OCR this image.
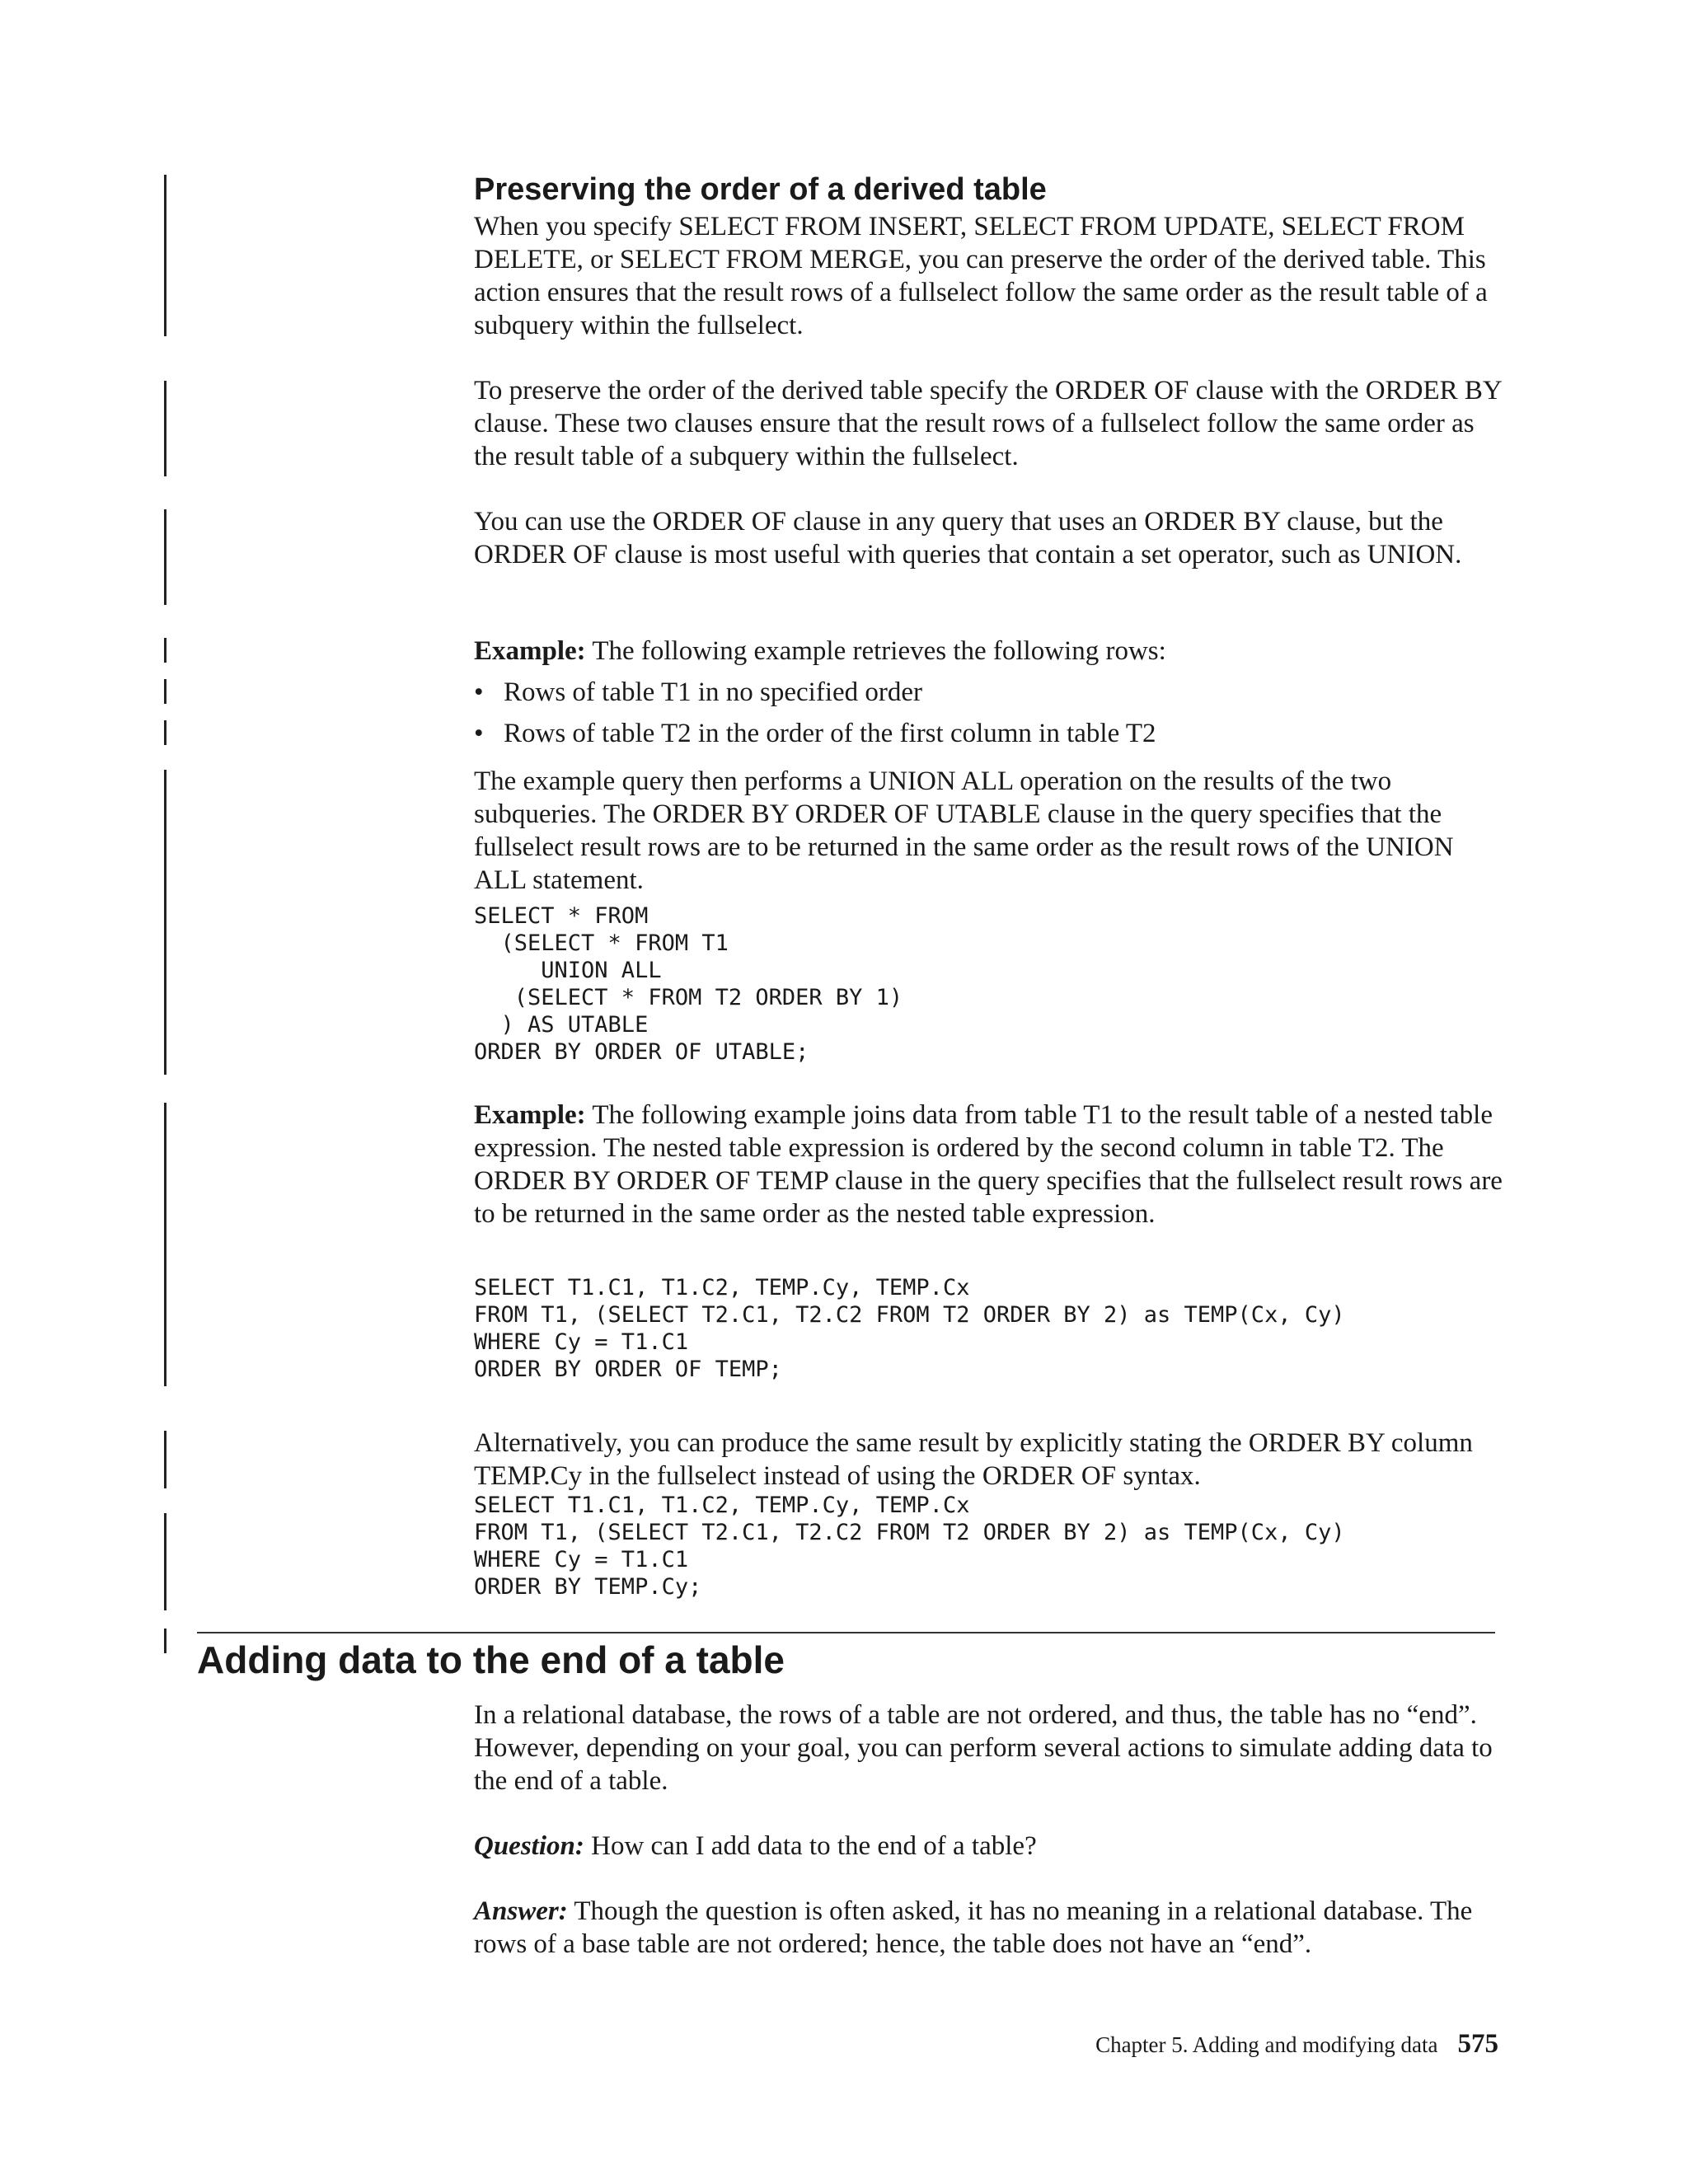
Preserving the order of a derived table

When you specify SELECT FROM INSERT, SELECT FROM UPDATE, SELECT FROM DELETE, or SELECT FROM MERGE, you can preserve the order of the derived table. This action ensures that the result rows of a fullselect follow the same order as the result table of a subquery within the fullselect.

To preserve the order of the derived table specify the ORDER OF clause with the ORDER BY clause. These two clauses ensure that the result rows of a fullselect follow the same order as the result table of a subquery within the fullselect.

You can use the ORDER OF clause in any query that uses an ORDER BY clause, but the ORDER OF clause is most useful with queries that contain a set operator, such as UNION.

Example: The following example retrieves the following rows:

• Rows of table T1 in no specified order
• Rows of table T2 in the order of the first column in table T2

The example query then performs a UNION ALL operation on the results of the two subqueries. The ORDER BY ORDER OF UTABLE clause in the query specifies that the fullselect result rows are to be returned in the same order as the result rows of the UNION ALL statement.

SELECT * FROM
(SELECT * FROM T1
UNION ALL
(SELECT * FROM T2 ORDER BY 1)
) AS UTABLE
ORDER BY ORDER OF UTABLE;

Example: The following example joins data from table T1 to the result table of a nested table expression. The nested table expression is ordered by the second column in table T2. The ORDER BY ORDER OF TEMP clause in the query specifies that the fullselect result rows are to be returned in the same order as the nested table expression.

SELECT T1.C1, T1.C2, TEMP.Cy, TEMP.Cx
FROM T1, (SELECT T2.C1, T2.C2 FROM T2 ORDER BY 2) as TEMP(Cx, Cy)
WHERE Cy = T1.C1
ORDER BY ORDER OF TEMP;

Alternatively, you can produce the same result by explicitly stating the ORDER BY column TEMP.Cy in the fullselect instead of using the ORDER OF syntax.

SELECT T1.C1, T1.C2, TEMP.Cy, TEMP.Cx
FROM T1, (SELECT T2.C1, T2.C2 FROM T2 ORDER BY 2) as TEMP(Cx, Cy)
WHERE Cy = T1.C1
ORDER BY TEMP.Cy;
Adding data to the end of a table

In a relational database, the rows of a table are not ordered, and thus, the table has no “end”. However, depending on your goal, you can perform several actions to simulate adding data to the end of a table.

Question: How can I add data to the end of a table?

Answer: Though the question is often asked, it has no meaning in a relational database. The rows of a base table are not ordered; hence, the table does not have an “end”.

Chapter 5. Adding and modifying data 575
